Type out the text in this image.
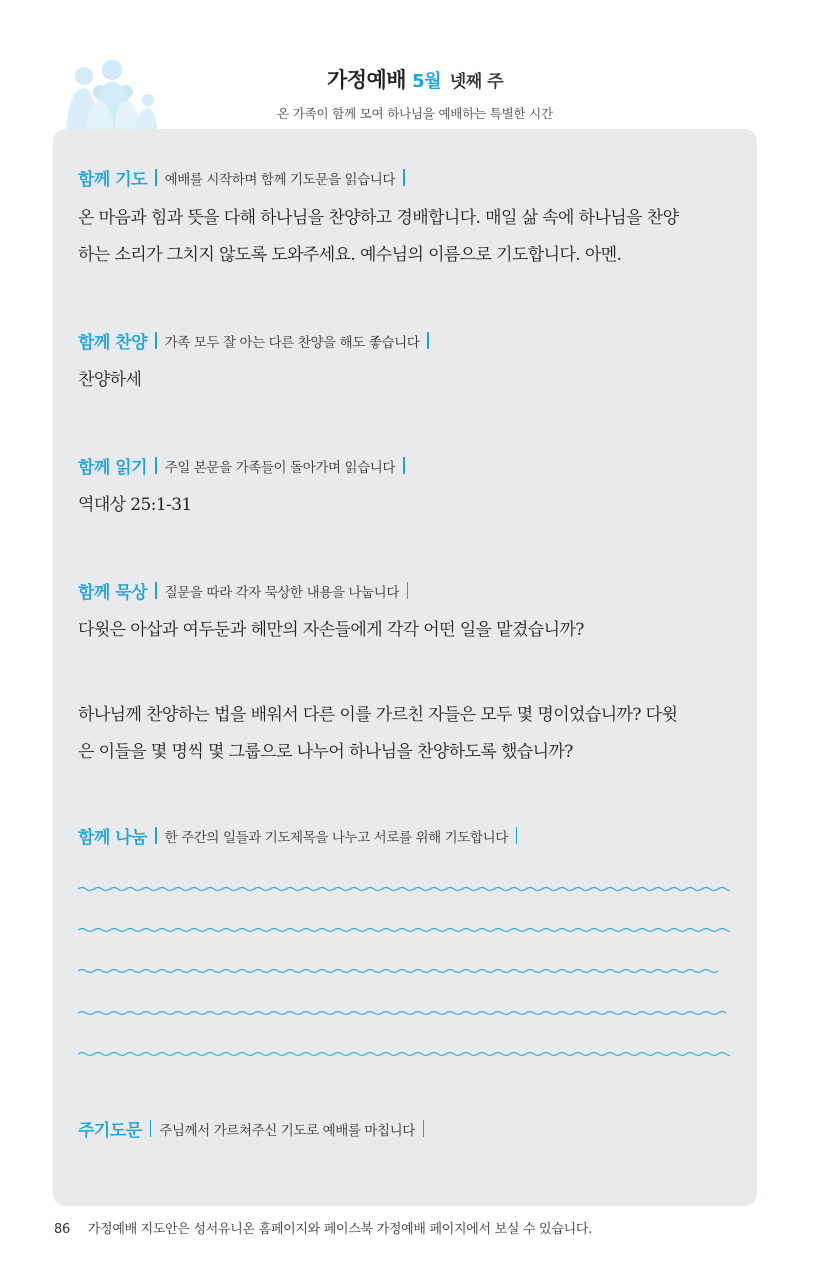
가정예배 5월 넷째 주
온 가족이 함께 모여 하나님을 예배하는 특별한 시간
함께 기도 예배를 시작하며 함께 기도문을 읽습니다

온 마음과 힘과 뜻을 다해 하나님을 찬양하고 경배합니다. 매일 삶 속에 하나님을 찬양

하는 소리가 그치지 않도록 도와주세요. 예수님의 이름으로 기도합니다. 아멘.

함께 찬양 가족 모두 잘 아는 다른 찬양을 해도 좋습니다

찬양하세

함께 읽기 주일 본문을 가족들이 돌아가며 읽습니다

역대상 25:1-31

함께 묵상 질문을 따라 각자 묵상한 내용을 나눕니다

다윗은 아삽과 여두둔과 헤만의 자손들에게 각각 어떤 일을 맡겼습니까?

하나님께 찬양하는 법을 배워서 다른 이를 가르친 자들은 모두 몇 명이었습니까? 다윗

은 이들을 몇 명씩 몇 그룹으로 나누어 하나님을 찬양하도록 했습니까?

함께 나눔 한 주간의 일들과 기도제목을 나누고 서로를 위해 기도합니다
주기도문 주님께서 가르쳐주신 기도로 예배를 마칩니다
86 가정예배 지도안은 성서유니온 홈페이지와 페이스북 가정예배 페이지에서 보실 수 있습니다.
